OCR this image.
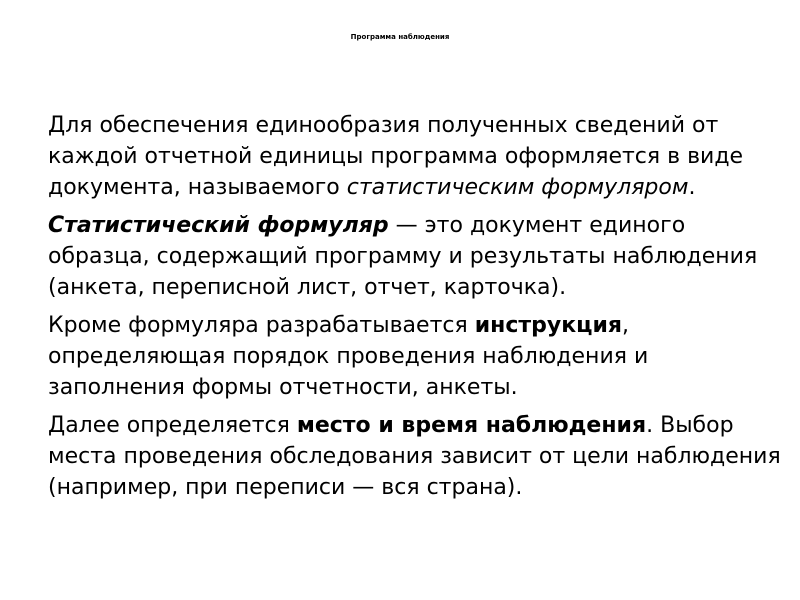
Программа наблюдения

Для обеспечения единообразия полученных сведений от каждой отчетной единицы программа оформляется в виде документа, называемого статистическим формуляром.

Статистический формуляр — это документ единого образца, содержащий программу и результаты наблюдения (анкета, переписной лист, отчет, карточка).

Кроме формуляра разрабатывается инструкция, определяющая порядок проведения наблюдения и заполнения формы отчетности, анкеты.

Далее определяется место и время наблюдения. Выбор места проведения обследования зависит от цели наблюдения (например, при переписи — вся страна).
